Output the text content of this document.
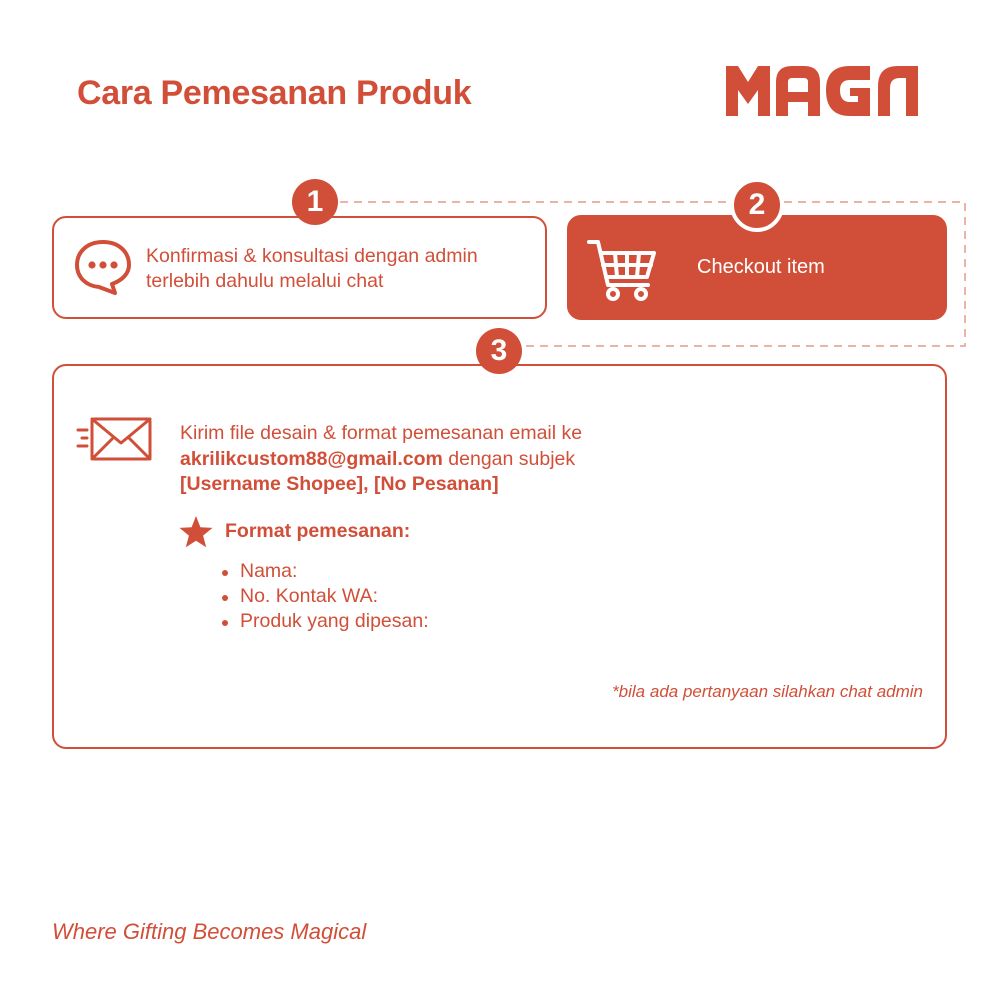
Cara Pemesanan Produk
1
Konfirmasi & konsultasi dengan admin
terlebih dahulu melalui chat
2
Checkout item
3
Kirim file desain & format pemesanan email ke
akrilikcustom88@gmail.com dengan subjek
[Username Shopee], [No Pesanan]
Format pemesanan:
Nama:
No. Kontak WA:
Produk yang dipesan:
*bila ada pertanyaan silahkan chat admin
Where Gifting Becomes Magical
